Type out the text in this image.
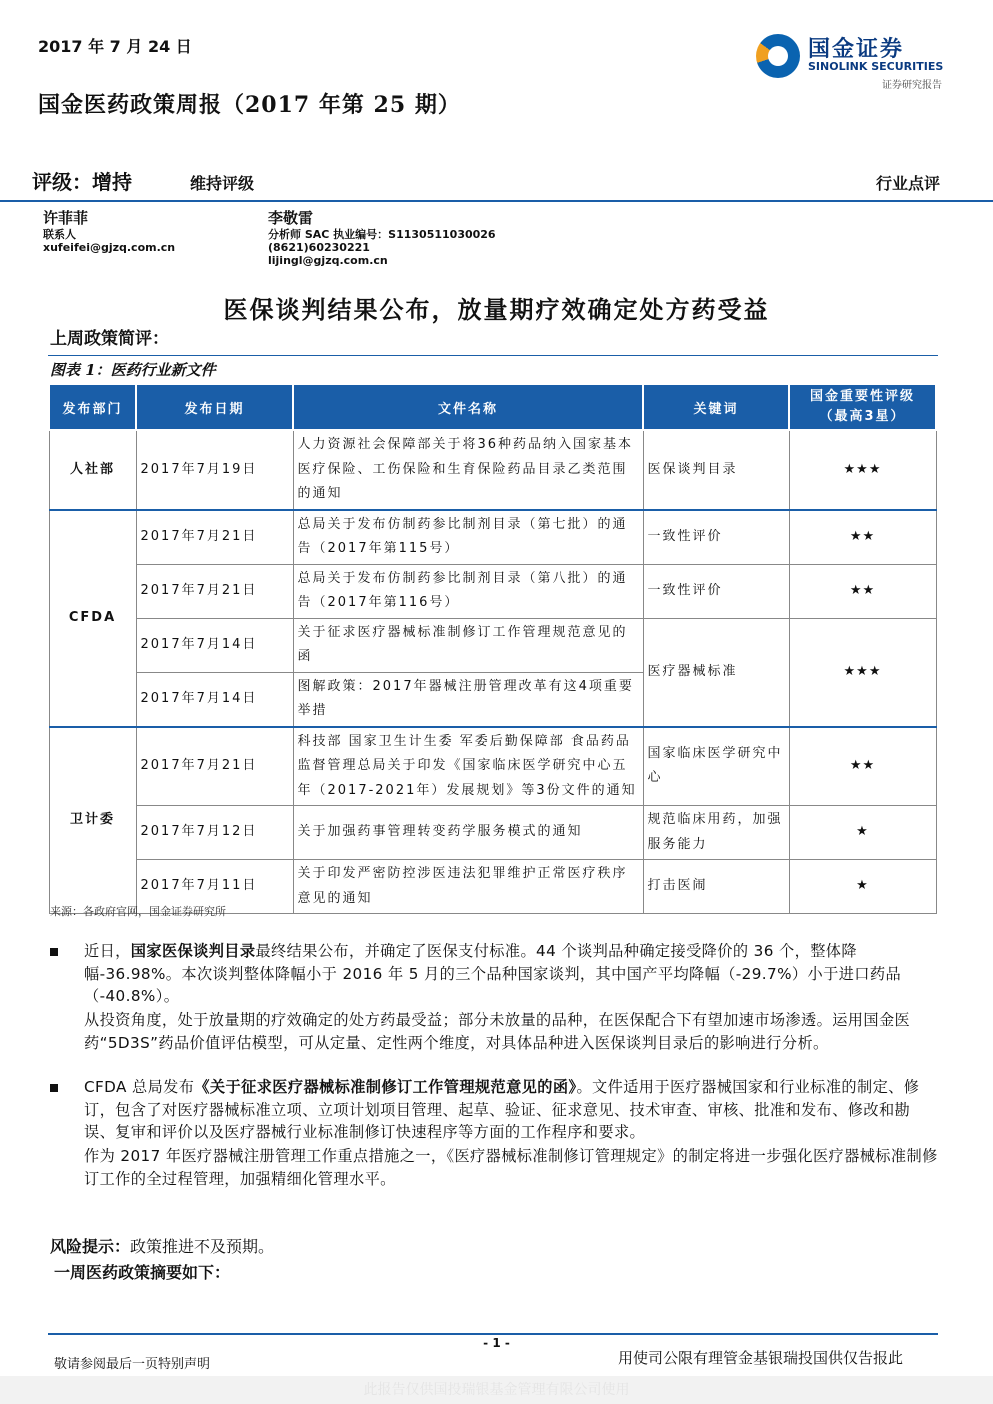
2017 年 7 月 24 日
国金医药政策周报（2017 年第 25 期）
国金证券
SINOLINK SECURITIES
证券研究报告
评级：增持	维持评级	行业点评
许菲菲
联系人
xufeifei@gjzq.com.cn
李敬雷
分析师 SAC 执业编号：S1130511030026
(8621)60230221
lijingl@gjzq.com.cn
医保谈判结果公布，放量期疗效确定处方药受益
上周政策简评：
图表 1：医药行业新文件
发布部门	发布日期	文件名称	关键词	国金重要性评级
（最高3星）

人社部	2017年7月19日	人力资源社会保障部关于将36种药品纳入国家基本医疗保险、工伤保险和生育保险药品目录乙类范围的通知	医保谈判目录	★★★
CFDA	2017年7月21日	总局关于发布仿制药参比制剂目录（第七批）的通告（2017年第115号）	一致性评价	★★
	2017年7月21日	总局关于发布仿制药参比制剂目录（第八批）的通告（2017年第116号）	一致性评价	★★
	2017年7月14日	关于征求医疗器械标准制修订工作管理规范意见的函	医疗器械标准	★★★
	2017年7月14日	图解政策：2017年器械注册管理改革有这4项重要举措		
卫计委	2017年7月21日	科技部 国家卫生计生委 军委后勤保障部 食品药品监督管理总局关于印发《国家临床医学研究中心五年（2017-2021年）发展规划》等3份文件的通知	国家临床医学研究中心	★★
	2017年7月12日	关于加强药事管理转变药学服务模式的通知	规范临床用药，加强服务能力	★
	2017年7月11日	关于印发严密防控涉医违法犯罪维护正常医疗秩序意见的通知	打击医闹	★
来源：各政府官网，国金证券研究所
近日，国家医保谈判目录最终结果公布，并确定了医保支付标准。44 个谈判品种确定接受降价的 36 个，整体降幅-36.98%。本次谈判整体降幅小于 2016 年 5 月的三个品种国家谈判，其中国产平均降幅（-29.7%）小于进口药品（-40.8%）。
从投资角度，处于放量期的疗效确定的处方药最受益；部分未放量的品种，在医保配合下有望加速市场渗透。运用国金医药“5D3S”药品价值评估模型，可从定量、定性两个维度，对具体品种进入医保谈判目录后的影响进行分析。
CFDA 总局发布《关于征求医疗器械标准制修订工作管理规范意见的函》。文件适用于医疗器械国家和行业标准的制定、修订，包含了对医疗器械标准立项、立项计划项目管理、起草、验证、征求意见、技术审查、审核、批准和发布、修改和勘误、复审和评价以及医疗器械行业标准制修订快速程序等方面的工作程序和要求。
作为 2017 年医疗器械注册管理工作重点措施之一，《医疗器械标准制修订管理规定》的制定将进一步强化医疗器械标准制修订工作的全过程管理，加强精细化管理水平。
风险提示：政策推进不及预期。
一周医药政策摘要如下：
- 1 -
敬请参阅最后一页特别声明	用使司公限有理管金基银瑞投国供仅告报此
此报告仅供国投瑞银基金管理有限公司使用
